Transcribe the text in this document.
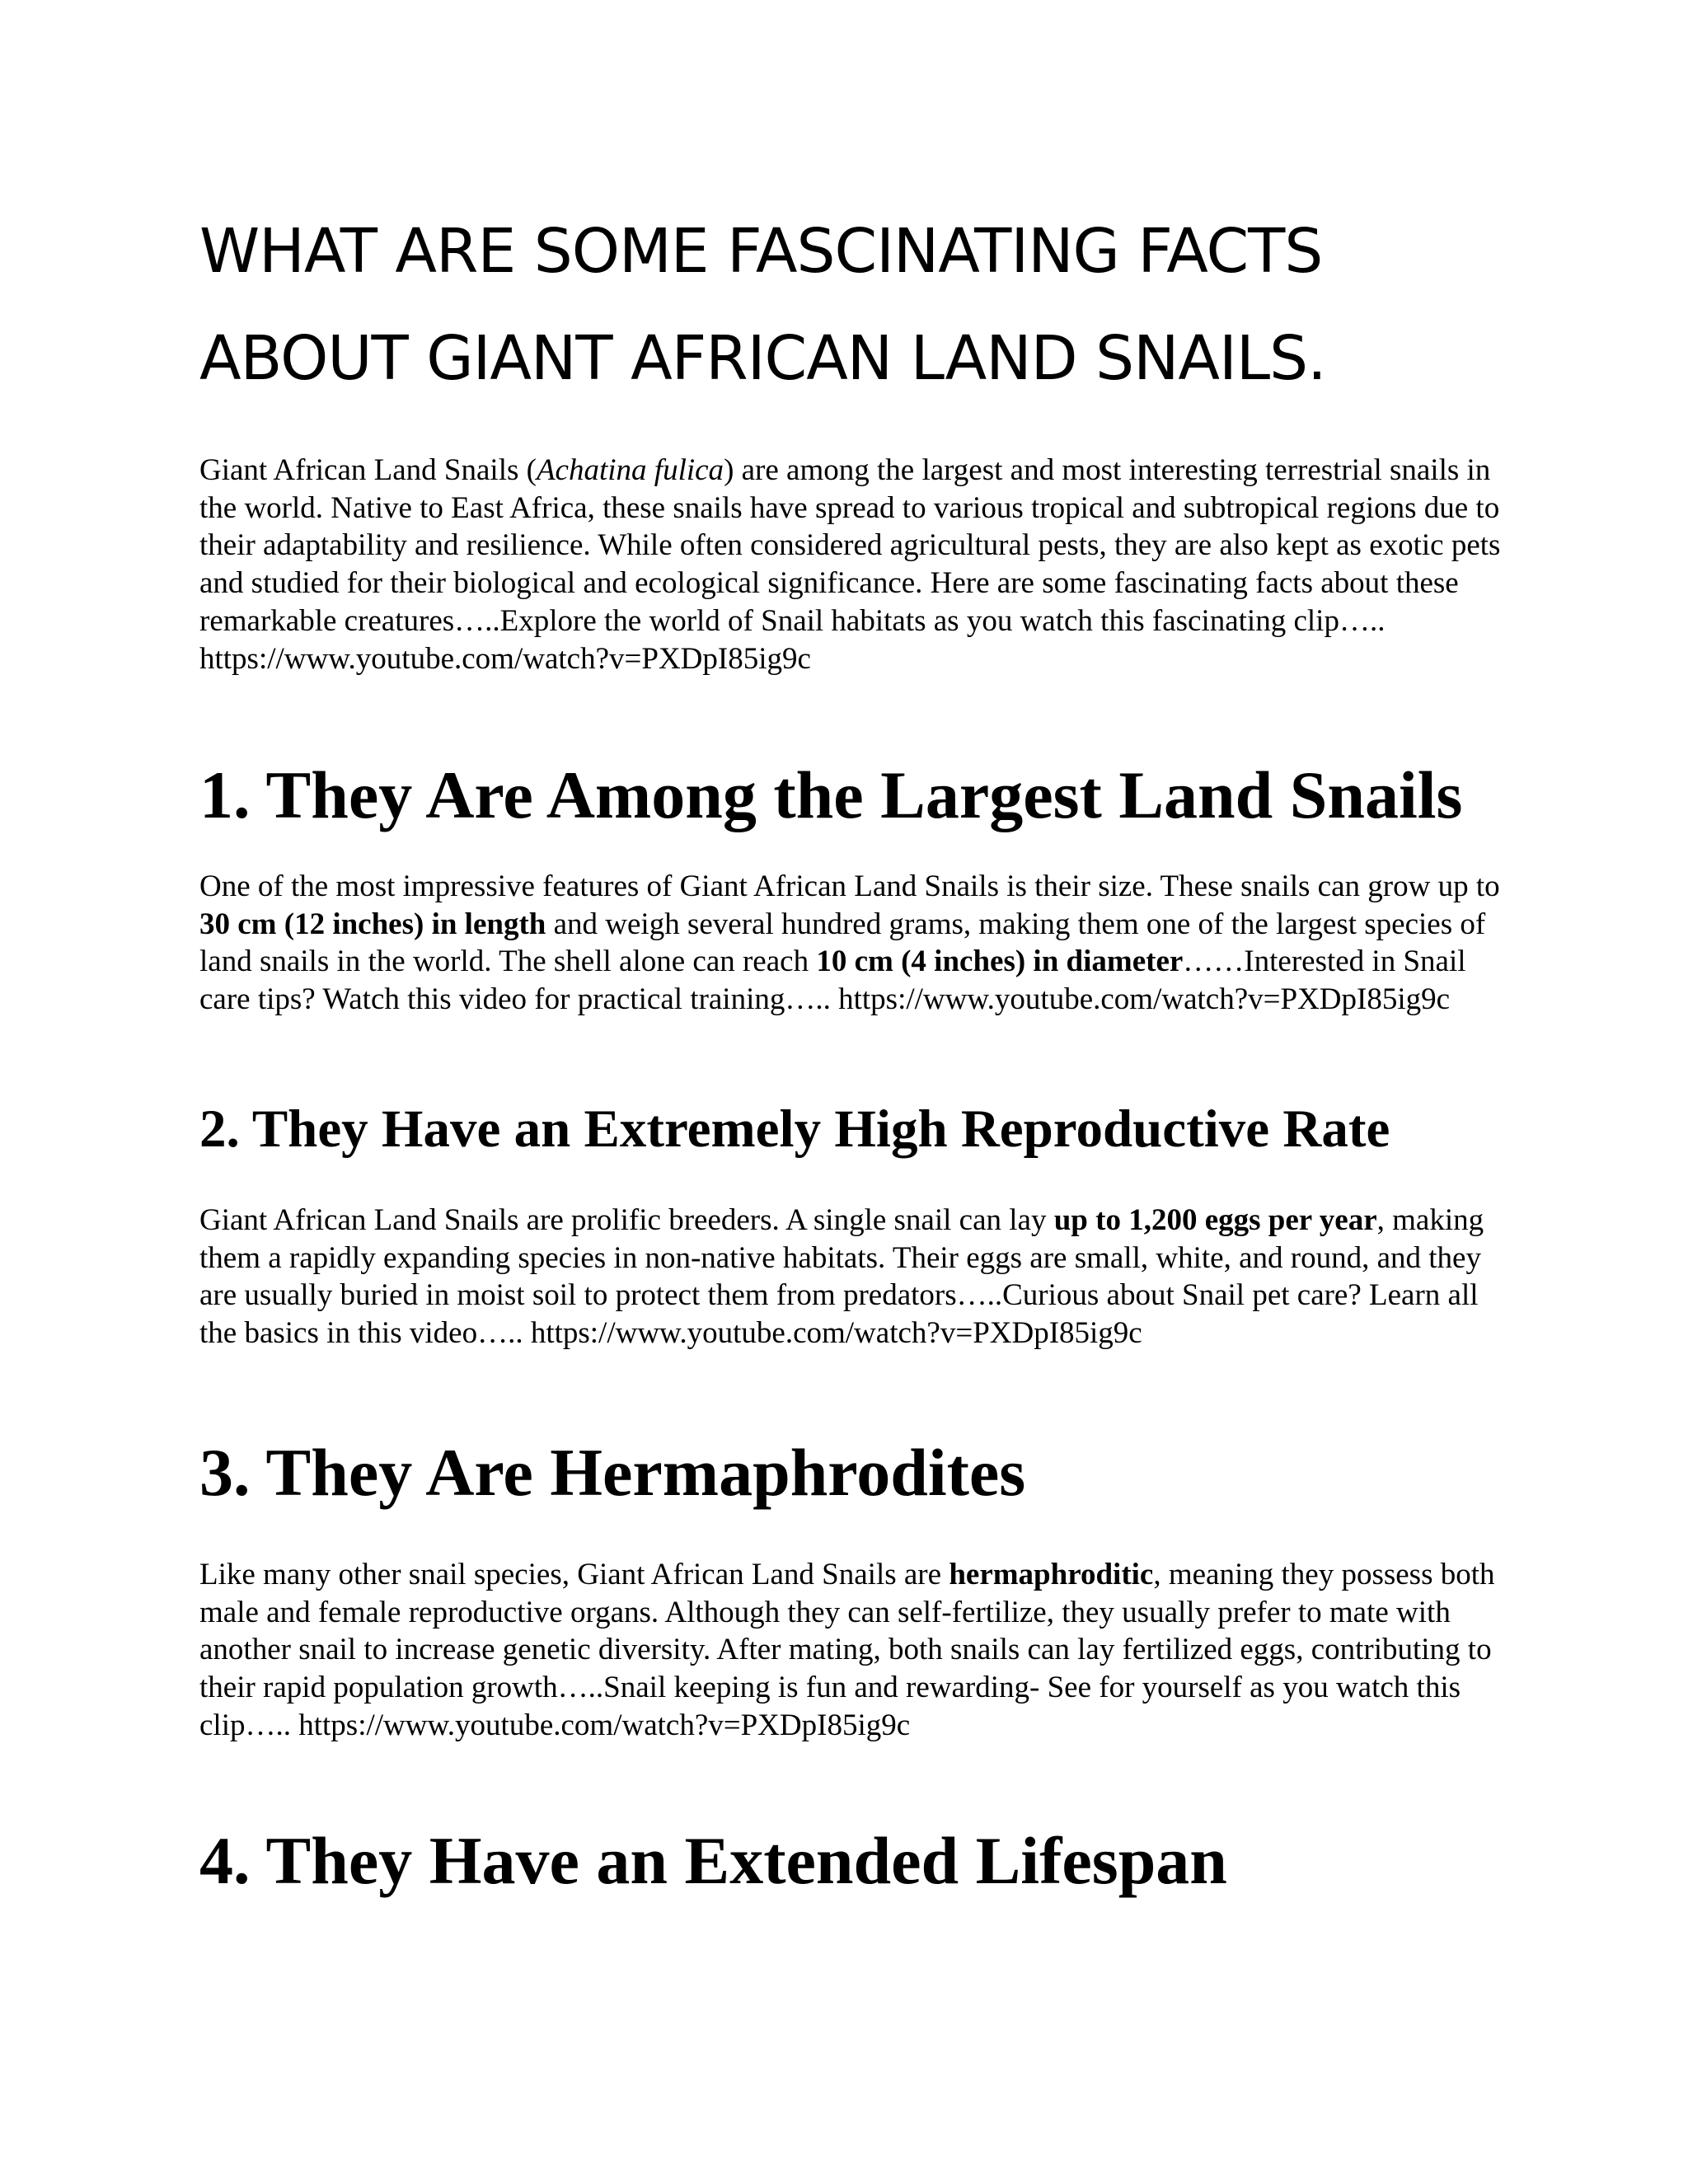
WHAT ARE SOME FASCINATING FACTS ABOUT GIANT AFRICAN LAND SNAILS.

Giant African Land Snails (Achatina fulica) are among the largest and most interesting terrestrial snails in the world. Native to East Africa, these snails have spread to various tropical and subtropical regions due to their adaptability and resilience. While often considered agricultural pests, they are also kept as exotic pets and studied for their biological and ecological significance. Here are some fascinating facts about these remarkable creatures…..Explore the world of Snail habitats as you watch this fascinating clip….. https://www.youtube.com/watch?v=PXDpI85ig9c

1. They Are Among the Largest Land Snails

One of the most impressive features of Giant African Land Snails is their size. These snails can grow up to 30 cm (12 inches) in length and weigh several hundred grams, making them one of the largest species of land snails in the world. The shell alone can reach 10 cm (4 inches) in diameter……Interested in Snail care tips? Watch this video for practical training….. https://www.youtube.com/watch?v=PXDpI85ig9c

2. They Have an Extremely High Reproductive Rate

Giant African Land Snails are prolific breeders. A single snail can lay up to 1,200 eggs per year, making them a rapidly expanding species in non-native habitats. Their eggs are small, white, and round, and they are usually buried in moist soil to protect them from predators…..Curious about Snail pet care? Learn all the basics in this video….. https://www.youtube.com/watch?v=PXDpI85ig9c

3. They Are Hermaphrodites

Like many other snail species, Giant African Land Snails are hermaphroditic, meaning they possess both male and female reproductive organs. Although they can self-fertilize, they usually prefer to mate with another snail to increase genetic diversity. After mating, both snails can lay fertilized eggs, contributing to their rapid population growth…..Snail keeping is fun and rewarding- See for yourself as you watch this clip….. https://www.youtube.com/watch?v=PXDpI85ig9c

4. They Have an Extended Lifespan
